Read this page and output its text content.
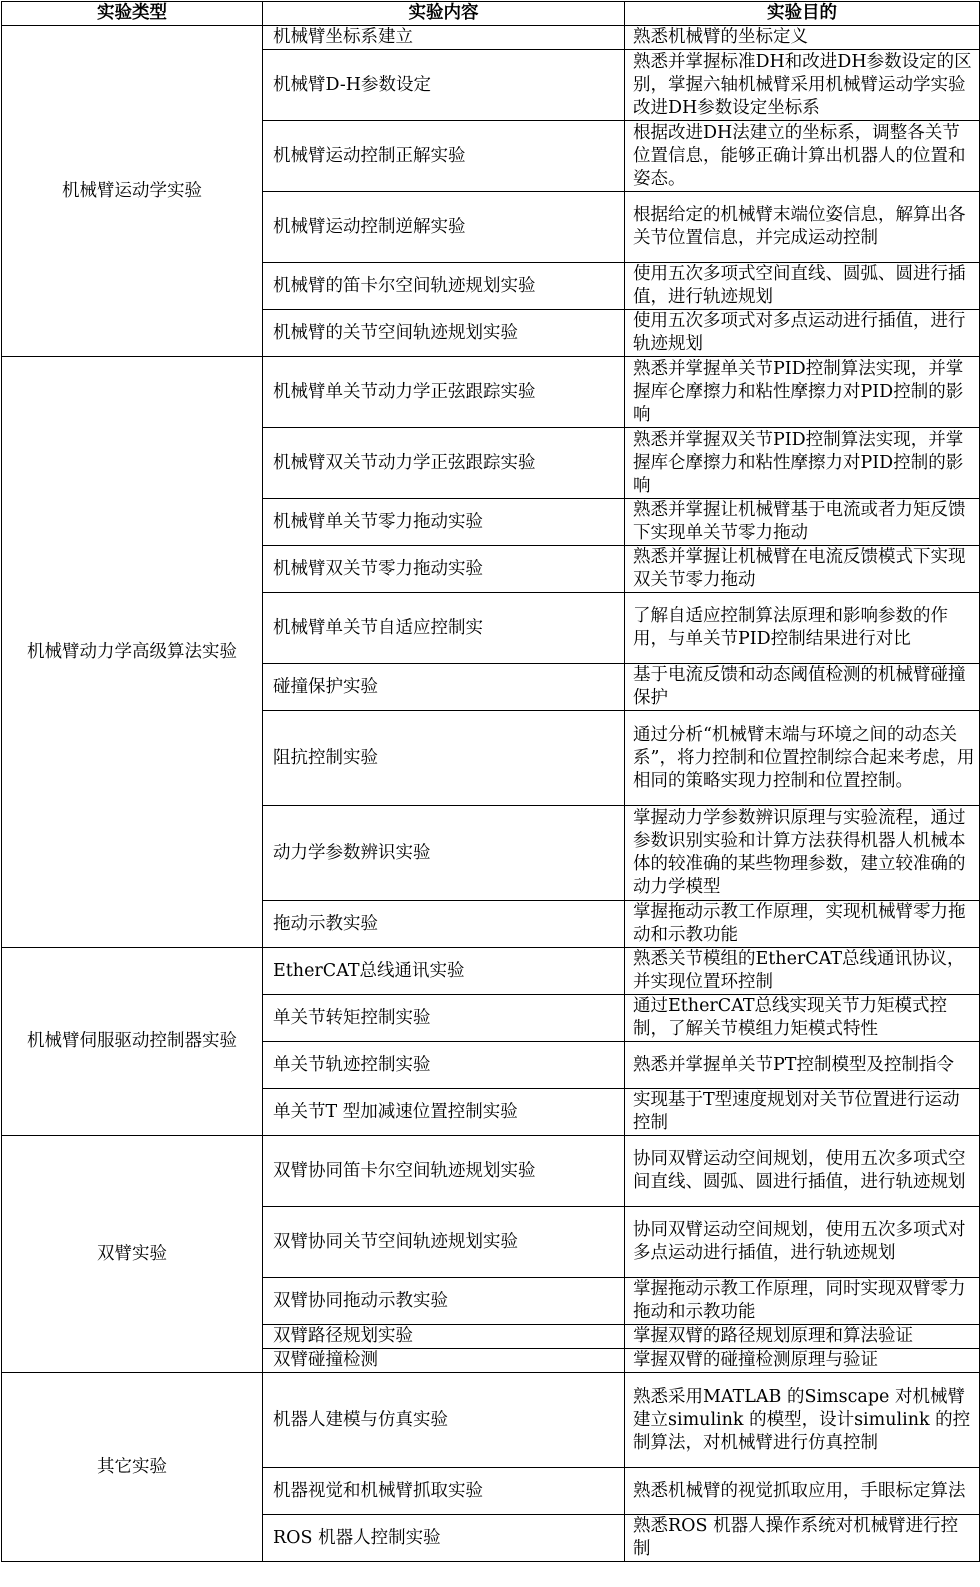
实验类型	实验内容	实验目的
机械臂运动学实验	机械臂坐标系建立	熟悉机械臂的坐标定义
	机械臂D-H参数设定	熟悉并掌握标准DH和改进DH参数设定的区别，掌握六轴机械臂采用机械臂运动学实验改进DH参数设定坐标系
	机械臂运动控制正解实验	根据改进DH法建立的坐标系，调整各关节位置信息，能够正确计算出机器人的位置和姿态。
	机械臂运动控制逆解实验	根据给定的机械臂末端位姿信息，解算出各关节位置信息，并完成运动控制
	机械臂的笛卡尔空间轨迹规划实验	使用五次多项式空间直线、圆弧、圆进行插值，进行轨迹规划
	机械臂的关节空间轨迹规划实验	使用五次多项式对多点运动进行插值，进行轨迹规划
机械臂动力学高级算法实验	机械臂单关节动力学正弦跟踪实验	熟悉并掌握单关节PID控制算法实现，并掌握库仑摩擦力和粘性摩擦力对PID控制的影响
	机械臂双关节动力学正弦跟踪实验	熟悉并掌握双关节PID控制算法实现，并掌握库仑摩擦力和粘性摩擦力对PID控制的影响
	机械臂单关节零力拖动实验	熟悉并掌握让机械臂基于电流或者力矩反馈下实现单关节零力拖动
	机械臂双关节零力拖动实验	熟悉并掌握让机械臂在电流反馈模式下实现双关节零力拖动
	机械臂单关节自适应控制实	了解自适应控制算法原理和影响参数的作用，与单关节PID控制结果进行对比
	碰撞保护实验	基于电流反馈和动态阈值检测的机械臂碰撞保护
	阻抗控制实验	通过分析“机械臂末端与环境之间的动态关系”，将力控制和位置控制综合起来考虑，用相同的策略实现力控制和位置控制。
	动力学参数辨识实验	掌握动力学参数辨识原理与实验流程，通过参数识别实验和计算方法获得机器人机械本体的较准确的某些物理参数，建立较准确的动力学模型
	拖动示教实验	掌握拖动示教工作原理，实现机械臂零力拖动和示教功能
机械臂伺服驱动控制器实验	EtherCAT总线通讯实验	熟悉关节模组的EtherCAT总线通讯协议，并实现位置环控制
	单关节转矩控制实验	通过EtherCAT总线实现关节力矩模式控制，了解关节模组力矩模式特性
	单关节轨迹控制实验	熟悉并掌握单关节PT控制模型及控制指令
	单关节T 型加减速位置控制实验	实现基于T型速度规划对关节位置进行运动控制
双臂实验	双臂协同笛卡尔空间轨迹规划实验	协同双臂运动空间规划，使用五次多项式空间直线、圆弧、圆进行插值，进行轨迹规划
	双臂协同关节空间轨迹规划实验	协同双臂运动空间规划，使用五次多项式对多点运动进行插值，进行轨迹规划
	双臂协同拖动示教实验	掌握拖动示教工作原理，同时实现双臂零力拖动和示教功能
	双臂路径规划实验	掌握双臂的路径规划原理和算法验证
	双臂碰撞检测	掌握双臂的碰撞检测原理与验证
其它实验	机器人建模与仿真实验	熟悉采用MATLAB 的Simscape 对机械臂建立simulink 的模型，设计simulink 的控制算法，对机械臂进行仿真控制
	机器视觉和机械臂抓取实验	熟悉机械臂的视觉抓取应用，手眼标定算法
	ROS 机器人控制实验	熟悉ROS 机器人操作系统对机械臂进行控制
